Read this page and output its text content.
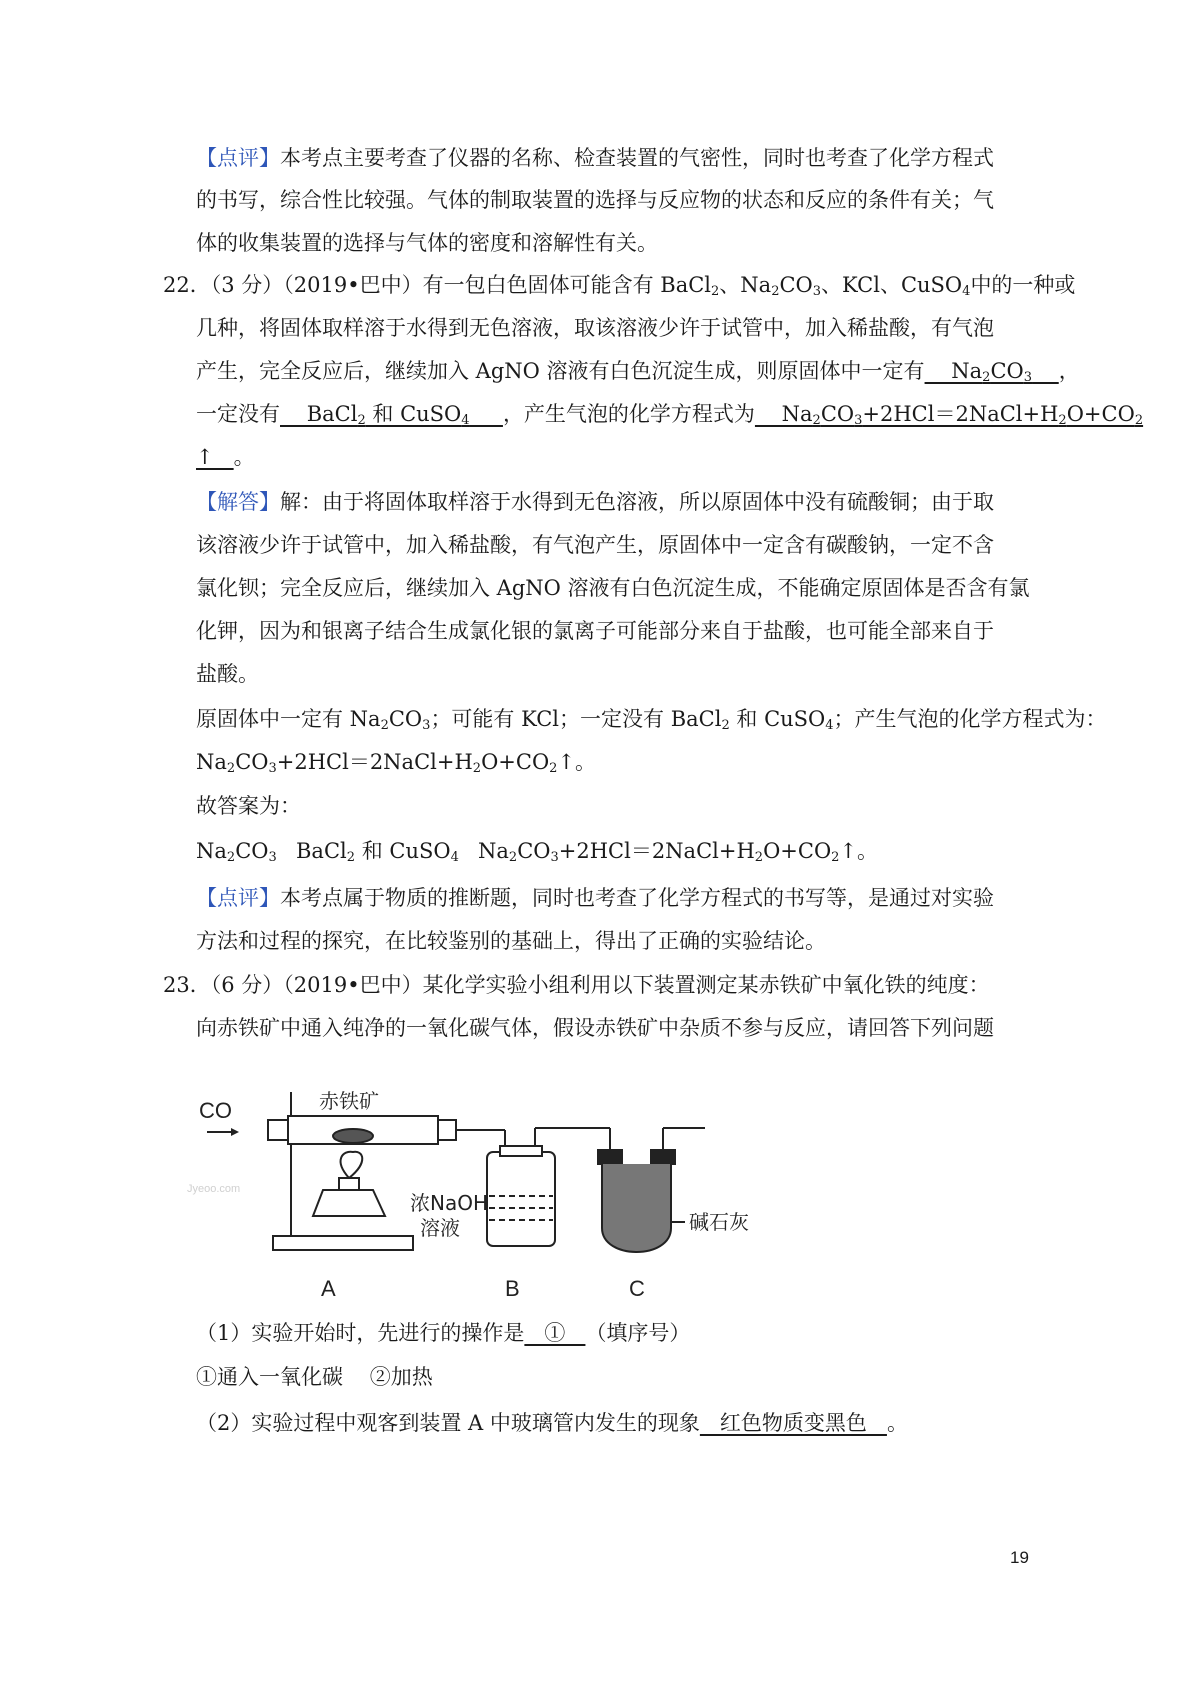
【点评】本考点主要考查了仪器的名称、检查装置的气密性，同时也考查了化学方程式
的书写，综合性比较强。气体的制取装置的选择与反应物的状态和反应的条件有关；气
体的收集装置的选择与气体的密度和溶解性有关。
22．（3 分）（2019•巴中）有一包白色固体可能含有 BaCl$_2$、$Na_2CO_3$、KCl、CuSO$_4$中的一种或
几种，将固体取样溶于水得到无色溶液，取该溶液少许于试管中，加入稀盐酸，有气泡
产生，完全反应后，继续加入 AgNO 溶液有白色沉淀生成，则原固体中一定有    $Na_2CO_3$ ，
一定没有    BaCl$_2$ 和 CuSO$_4$ ，产生气泡的化学方程式为    $Na_2CO_3+2HCl=2NaCl+H_2O+CO_2$
↑   。
【解答】解：由于将固体取样溶于水得到无色溶液，所以原固体中没有硫酸铜；由于取
该溶液少许于试管中，加入稀盐酸，有气泡产生，原固体中一定含有碳酸钠，一定不含
氯化钡；完全反应后，继续加入 AgNO 溶液有白色沉淀生成，不能确定原固体是否含有氯
化钾，因为和银离子结合生成氯化银的氯离子可能部分来自于盐酸，也可能全部来自于
盐酸。
原固体中一定有 $Na_2CO_3$；可能有 KCl；一定没有 BaCl$_2$ 和 CuSO$_4$；产生气泡的化学方程式为：
$Na_2CO_3+2HCl=2NaCl+H_2O+CO_2↑$。
故答案为：
$Na_2CO_3$ BaCl$_2$ 和 CuSO$_4$ $Na_2CO_3+2HCl=2NaCl+H_2O+CO_2↑$。
【点评】本考点属于物质的推断题，同时也考查了化学方程式的书写等，是通过对实验
方法和过程的探究，在比较鉴别的基础上，得出了正确的实验结论。
23．（6 分）（2019•巴中）某化学实验小组利用以下装置测定某赤铁矿中氧化铁的纯度：
向赤铁矿中通入纯净的一氧化碳气体，假设赤铁矿中杂质不参与反应，请回答下列问题
CO	赤铁矿
浓NaOH
溶液	碱石灰
A	B	C
Jyeoo.com
（1）实验开始时，先进行的操作是   ①   （填序号）
①通入一氧化碳    ②加热
（2）实验过程中观客到装置 A 中玻璃管内发生的现象   红色物质变黑色   。
19
